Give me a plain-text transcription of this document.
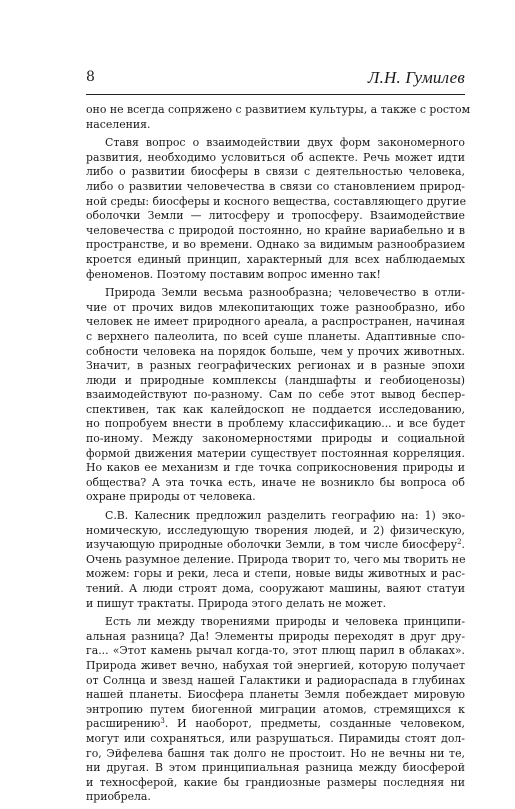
8	Л.Н. Гумилев
оно не всегда сопряжено с развитием культуры, а также с ростом
населения.
Ставя вопрос о взаимодействии двух форм закономерного
развития, необходимо условиться об аспекте. Речь может идти
либо о развитии биосферы в связи с деятельностью человека,
либо о развитии человечества в связи со становлением природ-
ной среды: биосферы и косного вещества, составляющего другие
оболочки Земли — литосферу и тропосферу. Взаимодействие
человечества с природой постоянно, но крайне вариабельно и в
пространстве, и во времени. Однако за видимым разнообразием
кроется единый принцип, характерный для всех наблюдаемых
феноменов. Поэтому поставим вопрос именно так!
Природа Земли весьма разнообразна; человечество в отли-
чие от прочих видов млекопитающих тоже разнообразно, ибо
человек не имеет природного ареала, а распространен, начиная
с верхнего палеолита, по всей суше планеты. Адаптивные спо-
собности человека на порядок больше, чем у прочих животных.
Значит, в разных географических регионах и в разные эпохи
люди и природные комплексы (ландшафты и геобиоценозы)
взаимодействуют по-разному. Сам по себе этот вывод беспер-
спективен, так как калейдоскоп не поддается исследованию,
но попробуем внести в проблему классификацию... и все будет
по-иному. Между закономерностями природы и социальной
формой движения материи существует постоянная корреляция.
Но каков ее механизм и где точка соприкосновения природы и
общества? А эта точка есть, иначе не возникло бы вопроса об
охране природы от человека.
С.В. Калесник предложил разделить географию на: 1) эко-
номическую, исследующую творения людей, и 2) физическую,
изучающую природные оболочки Земли, в том числе биосферу$^2$.
Очень разумное деление. Природа творит то, чего мы творить не
можем: горы и реки, леса и степи, новые виды животных и рас-
тений. А люди строят дома, сооружают машины, ваяют статуи
и пишут трактаты. Природа этого делать не может.
Есть ли между творениями природы и человека принципи-
альная разница? Да! Элементы природы переходят в друг дру-
га... «Этот камень рычал когда-то, этот плющ парил в облаках».
Природа живет вечно, набухая той энергией, которую получает
от Солнца и звезд нашей Галактики и радиораспада в глубинах
нашей планеты. Биосфера планеты Земля побеждает мировую
энтропию путем биогенной миграции атомов, стремящихся к
расширению$^3$. И наоборот, предметы, созданные человеком,
могут или сохраняться, или разрушаться. Пирамиды стоят дол-
го, Эйфелева башня так долго не простоит. Но не вечны ни те,
ни другая. В этом принципиальная разница между биосферой
и техносферой, какие бы грандиозные размеры последняя ни
приобрела.
